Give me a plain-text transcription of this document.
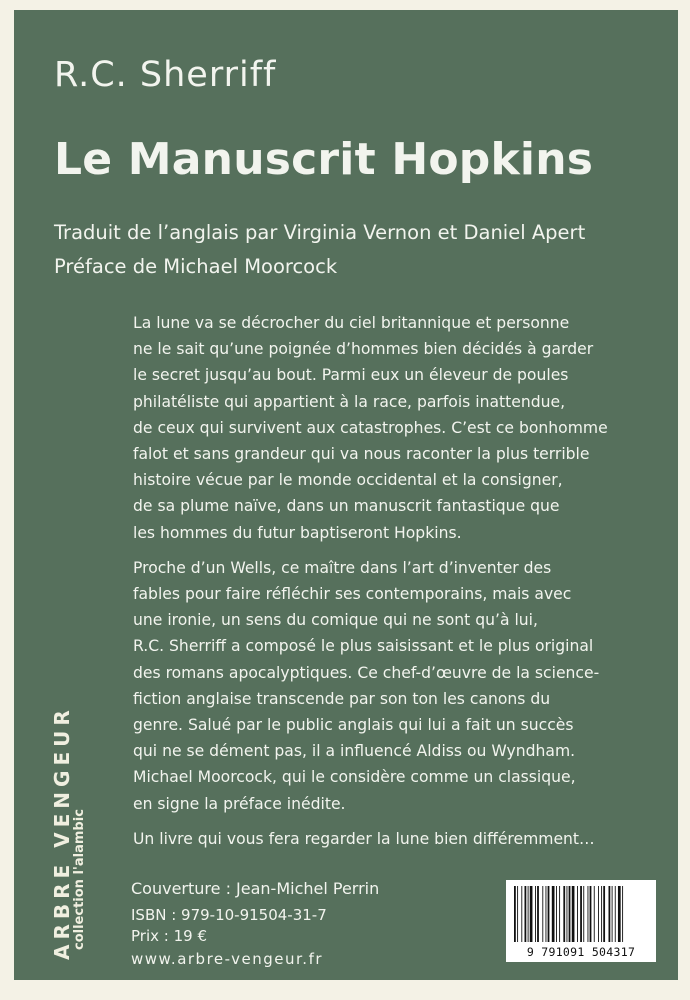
R.C. Sherriff
Le Manuscrit Hopkins
Traduit de l’anglais par Virginia Vernon et Daniel Apert
Préface de Michael Moorcock

La lune va se décrocher du ciel britannique et personne
ne le sait qu’une poignée d’hommes bien décidés à garder
le secret jusqu’au bout. Parmi eux un éleveur de poules
philatéliste qui appartient à la race, parfois inattendue,
de ceux qui survivent aux catastrophes. C’est ce bonhomme
falot et sans grandeur qui va nous raconter la plus terrible
histoire vécue par le monde occidental et la consigner,
de sa plume naïve, dans un manuscrit fantastique que
les hommes du futur baptiseront Hopkins.

Proche d’un Wells, ce maître dans l’art d’inventer des
fables pour faire réfléchir ses contemporains, mais avec
une ironie, un sens du comique qui ne sont qu’à lui,
R.C. Sherriff a composé le plus saisissant et le plus original
des romans apocalyptiques. Ce chef-d’œuvre de la science-
fiction anglaise transcende par son ton les canons du
genre. Salué par le public anglais qui lui a fait un succès
qui ne se dément pas, il a influencé Aldiss ou Wyndham.
Michael Moorcock, qui le considère comme un classique,
en signe la préface inédite.

Un livre qui vous fera regarder la lune bien différemment…

Couverture : Jean-Michel Perrin
ISBN : 979-10-91504-31-7
Prix : 19 €
www.arbre-vengeur.fr
ARBRE VENGEUR
collection l'alambic
9 791091 504317
